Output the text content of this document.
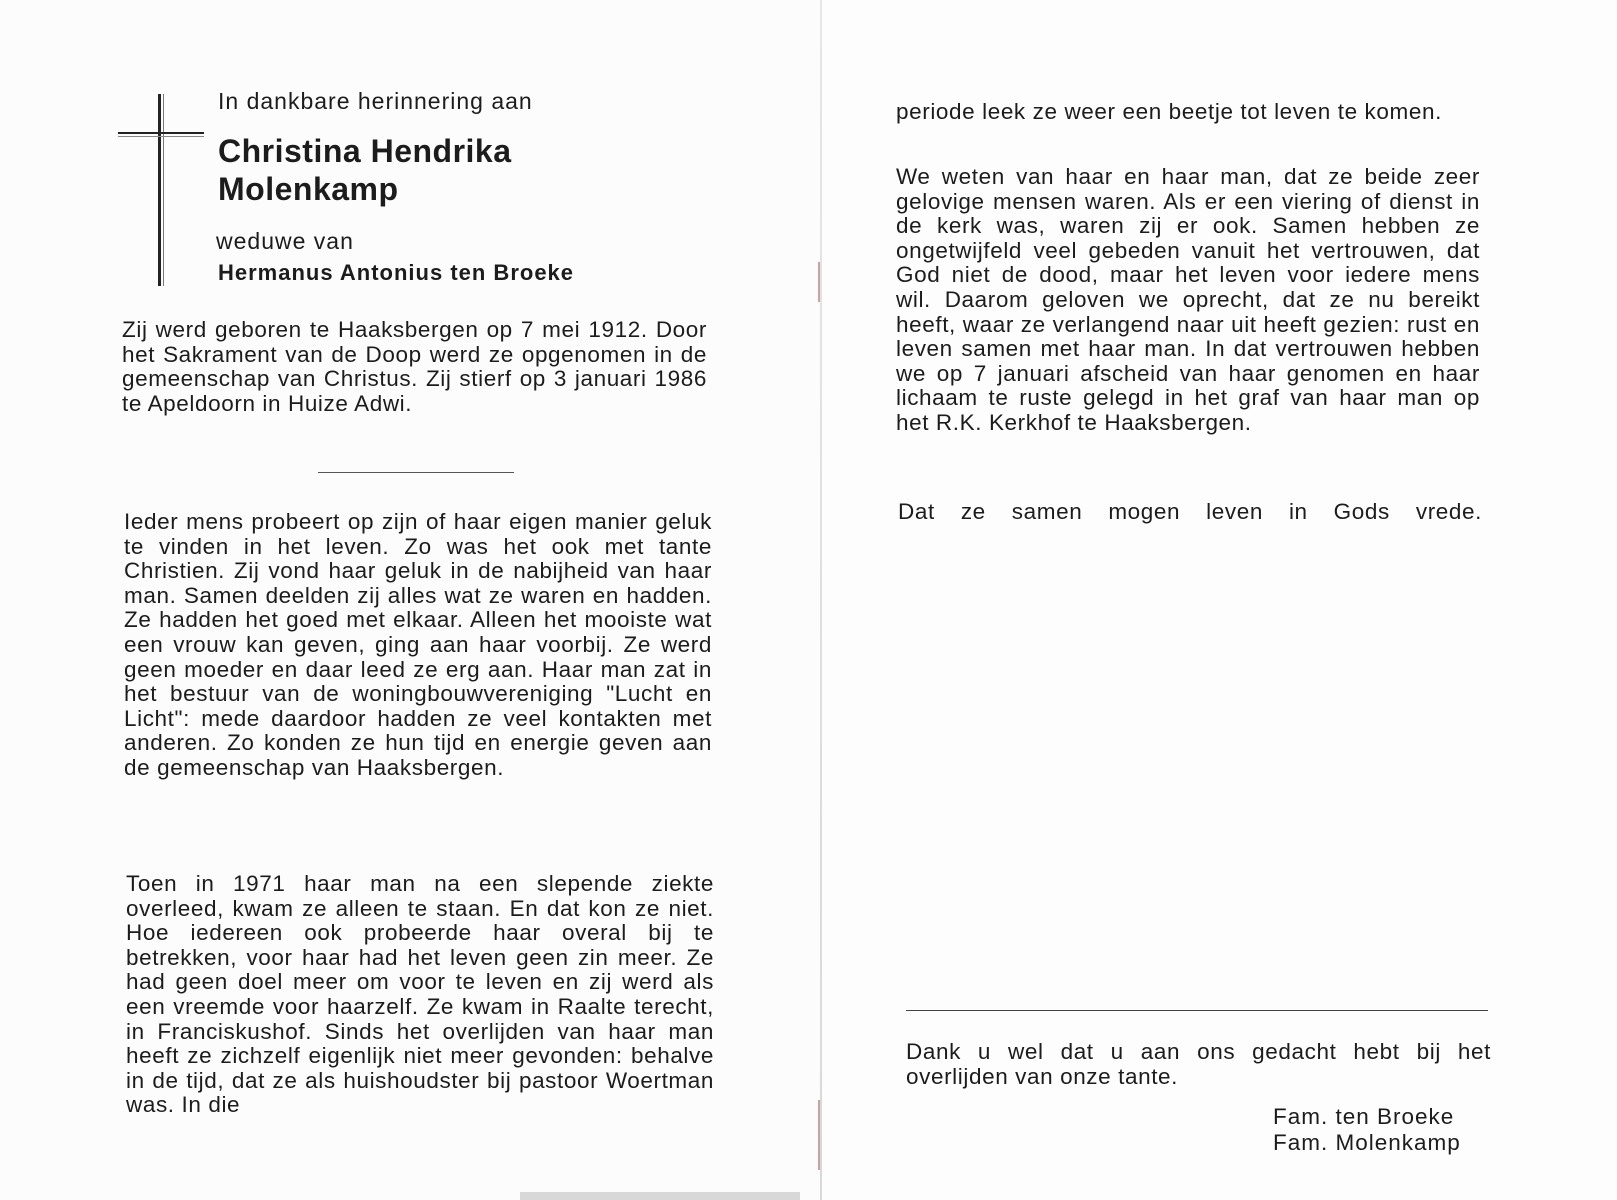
In dankbare herinnering aan

Christina Hendrika
Molenkamp

weduwe van

Hermanus Antonius ten Broeke

Zij werd geboren te Haaksbergen op 7 mei 1912. Door het Sakrament van de Doop werd ze opgenomen in de gemeenschap van Christus. Zij stierf op 3 januari 1986 te Apeldoorn in Huize Adwi.

Ieder mens probeert op zijn of haar eigen manier geluk te vinden in het leven. Zo was het ook met tante Christien. Zij vond haar geluk in de nabijheid van haar man. Samen deelden zij alles wat ze waren en hadden. Ze hadden het goed met elkaar. Alleen het mooiste wat een vrouw kan geven, ging aan haar voorbij. Ze werd geen moeder en daar leed ze erg aan. Haar man zat in het bestuur van de woningbouwvereniging "Lucht en Licht": mede daardoor hadden ze veel kontakten met anderen. Zo konden ze hun tijd en energie geven aan de gemeenschap van Haaksbergen.

Toen in 1971 haar man na een slepende ziekte overleed, kwam ze alleen te staan. En dat kon ze niet. Hoe iedereen ook probeerde haar overal bij te betrekken, voor haar had het leven geen zin meer. Ze had geen doel meer om voor te leven en zij werd als een vreemde voor haarzelf. Ze kwam in Raalte terecht, in Franciskushof. Sinds het overlijden van haar man heeft ze zichzelf eigenlijk niet meer gevonden: behalve in de tijd, dat ze als huishoudster bij pastoor Woertman was. In die

periode leek ze weer een beetje tot leven te komen.

We weten van haar en haar man, dat ze beide zeer gelovige mensen waren. Als er een viering of dienst in de kerk was, waren zij er ook. Samen hebben ze ongetwijfeld veel gebeden vanuit het vertrouwen, dat God niet de dood, maar het leven voor iedere mens wil. Daarom geloven we oprecht, dat ze nu bereikt heeft, waar ze verlangend naar uit heeft gezien: rust en leven samen met haar man. In dat vertrouwen hebben we op 7 januari afscheid van haar genomen en haar lichaam te ruste gelegd in het graf van haar man op het R.K. Kerkhof te Haaksbergen.

Dat ze samen mogen leven in Gods vrede.

Dank u wel dat u aan ons gedacht hebt bij het overlijden van onze tante.

Fam. ten Broeke

Fam. Molenkamp
